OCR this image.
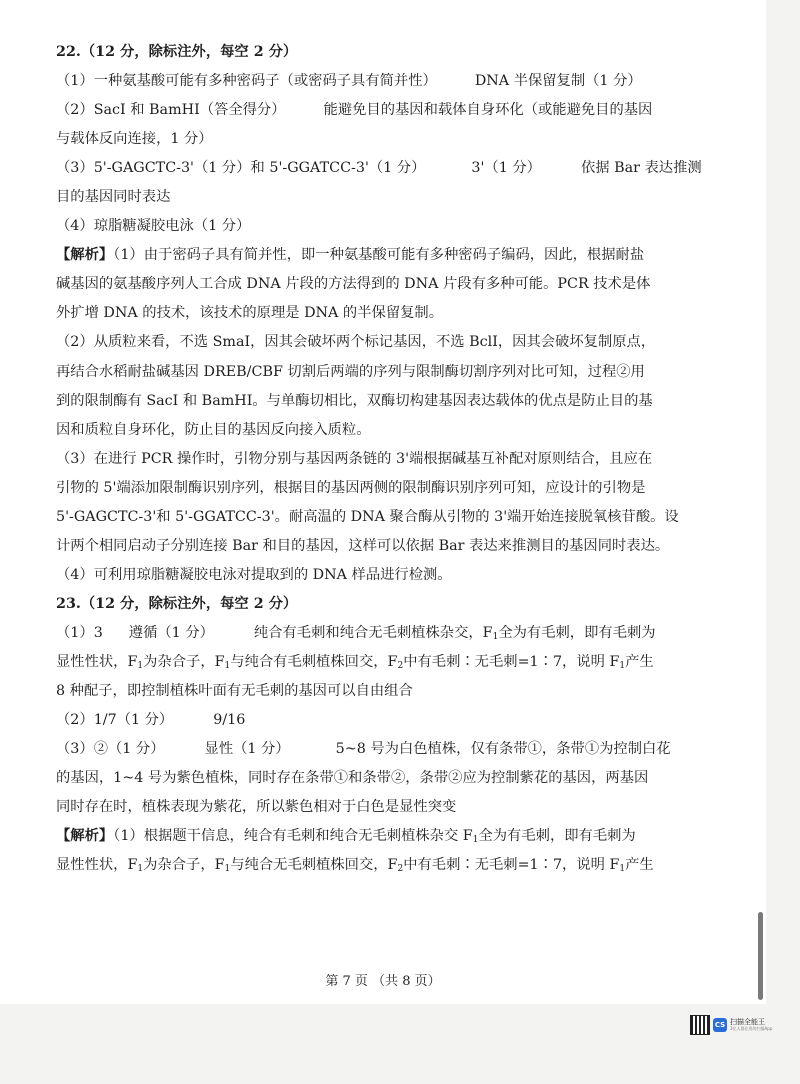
22.（12 分，除标注外，每空 2 分）
（1）一种氨基酸可能有多种密码子（或密码子具有简并性）	DNA 半保留复制（1 分）
（2）SacⅠ 和 BamHⅠ（答全得分）	能避免目的基因和载体自身环化（或能避免目的基因
与载体反向连接，1 分）
（3）5'-GAGCTC-3'（1 分）和 5'-GGATCC-3'（1 分）	3'（1 分）	依据 Bar 表达推测
目的基因同时表达
（4）琼脂糖凝胶电泳（1 分）
【解析】（1）由于密码子具有简并性，即一种氨基酸可能有多种密码子编码，因此，根据耐盐
碱基因的氨基酸序列人工合成 DNA 片段的方法得到的 DNA 片段有多种可能。PCR 技术是体
外扩增 DNA 的技术，该技术的原理是 DNA 的半保留复制。
（2）从质粒来看，不选 SmaⅠ，因其会破坏两个标记基因，不选 BclⅠ，因其会破坏复制原点，
再结合水稻耐盐碱基因 DREB/CBF 切割后两端的序列与限制酶切割序列对比可知，过程②用
到的限制酶有 SacⅠ 和 BamHⅠ。与单酶切相比，双酶切构建基因表达载体的优点是防止目的基
因和质粒自身环化，防止目的基因反向接入质粒。
（3）在进行 PCR 操作时，引物分别与基因两条链的 3'端根据碱基互补配对原则结合，且应在
引物的 5'端添加限制酶识别序列，根据目的基因两侧的限制酶识别序列可知，应设计的引物是
5'-GAGCTC-3'和 5'-GGATCC-3'。耐高温的 DNA 聚合酶从引物的 3'端开始连接脱氧核苷酸。设
计两个相同启动子分别连接 Bar 和目的基因，这样可以依据 Bar 表达来推测目的基因同时表达。
（4）可利用琼脂糖凝胶电泳对提取到的 DNA 样品进行检测。
23.（12 分，除标注外，每空 2 分）
（1）3 遵循（1 分）	纯合有毛刺和纯合无毛刺植株杂交，$F_1$全为有毛刺，即有毛刺为
显性性状，$F_1$为杂合子，$F_1$与纯合有毛刺植株回交，$F_2$中有毛刺∶无毛刺=1∶7，说明 $F_1$产生
8 种配子，即控制植株叶面有无毛刺的基因可以自由组合
（2）1/7（1 分）	9/16
（3）②（1 分）	显性（1 分）	5~8 号为白色植株，仅有条带①，条带①为控制白花
的基因，1~4 号为紫色植株，同时存在条带①和条带②，条带②应为控制紫花的基因，两基因
同时存在时，植株表现为紫花，所以紫色相对于白色是显性突变
【解析】（1）根据题干信息，纯合有毛刺和纯合无毛刺植株杂交 $F_1$全为有毛刺，即有毛刺为
显性性状，$F_1$为杂合子，$F_1$与纯合无毛刺植株回交，$F_2$中有毛刺∶无毛刺=1∶7，说明 $F_1$产生
第 7 页 （共 8 页）
CS 扫描全能王
3亿人都在用的扫描App
